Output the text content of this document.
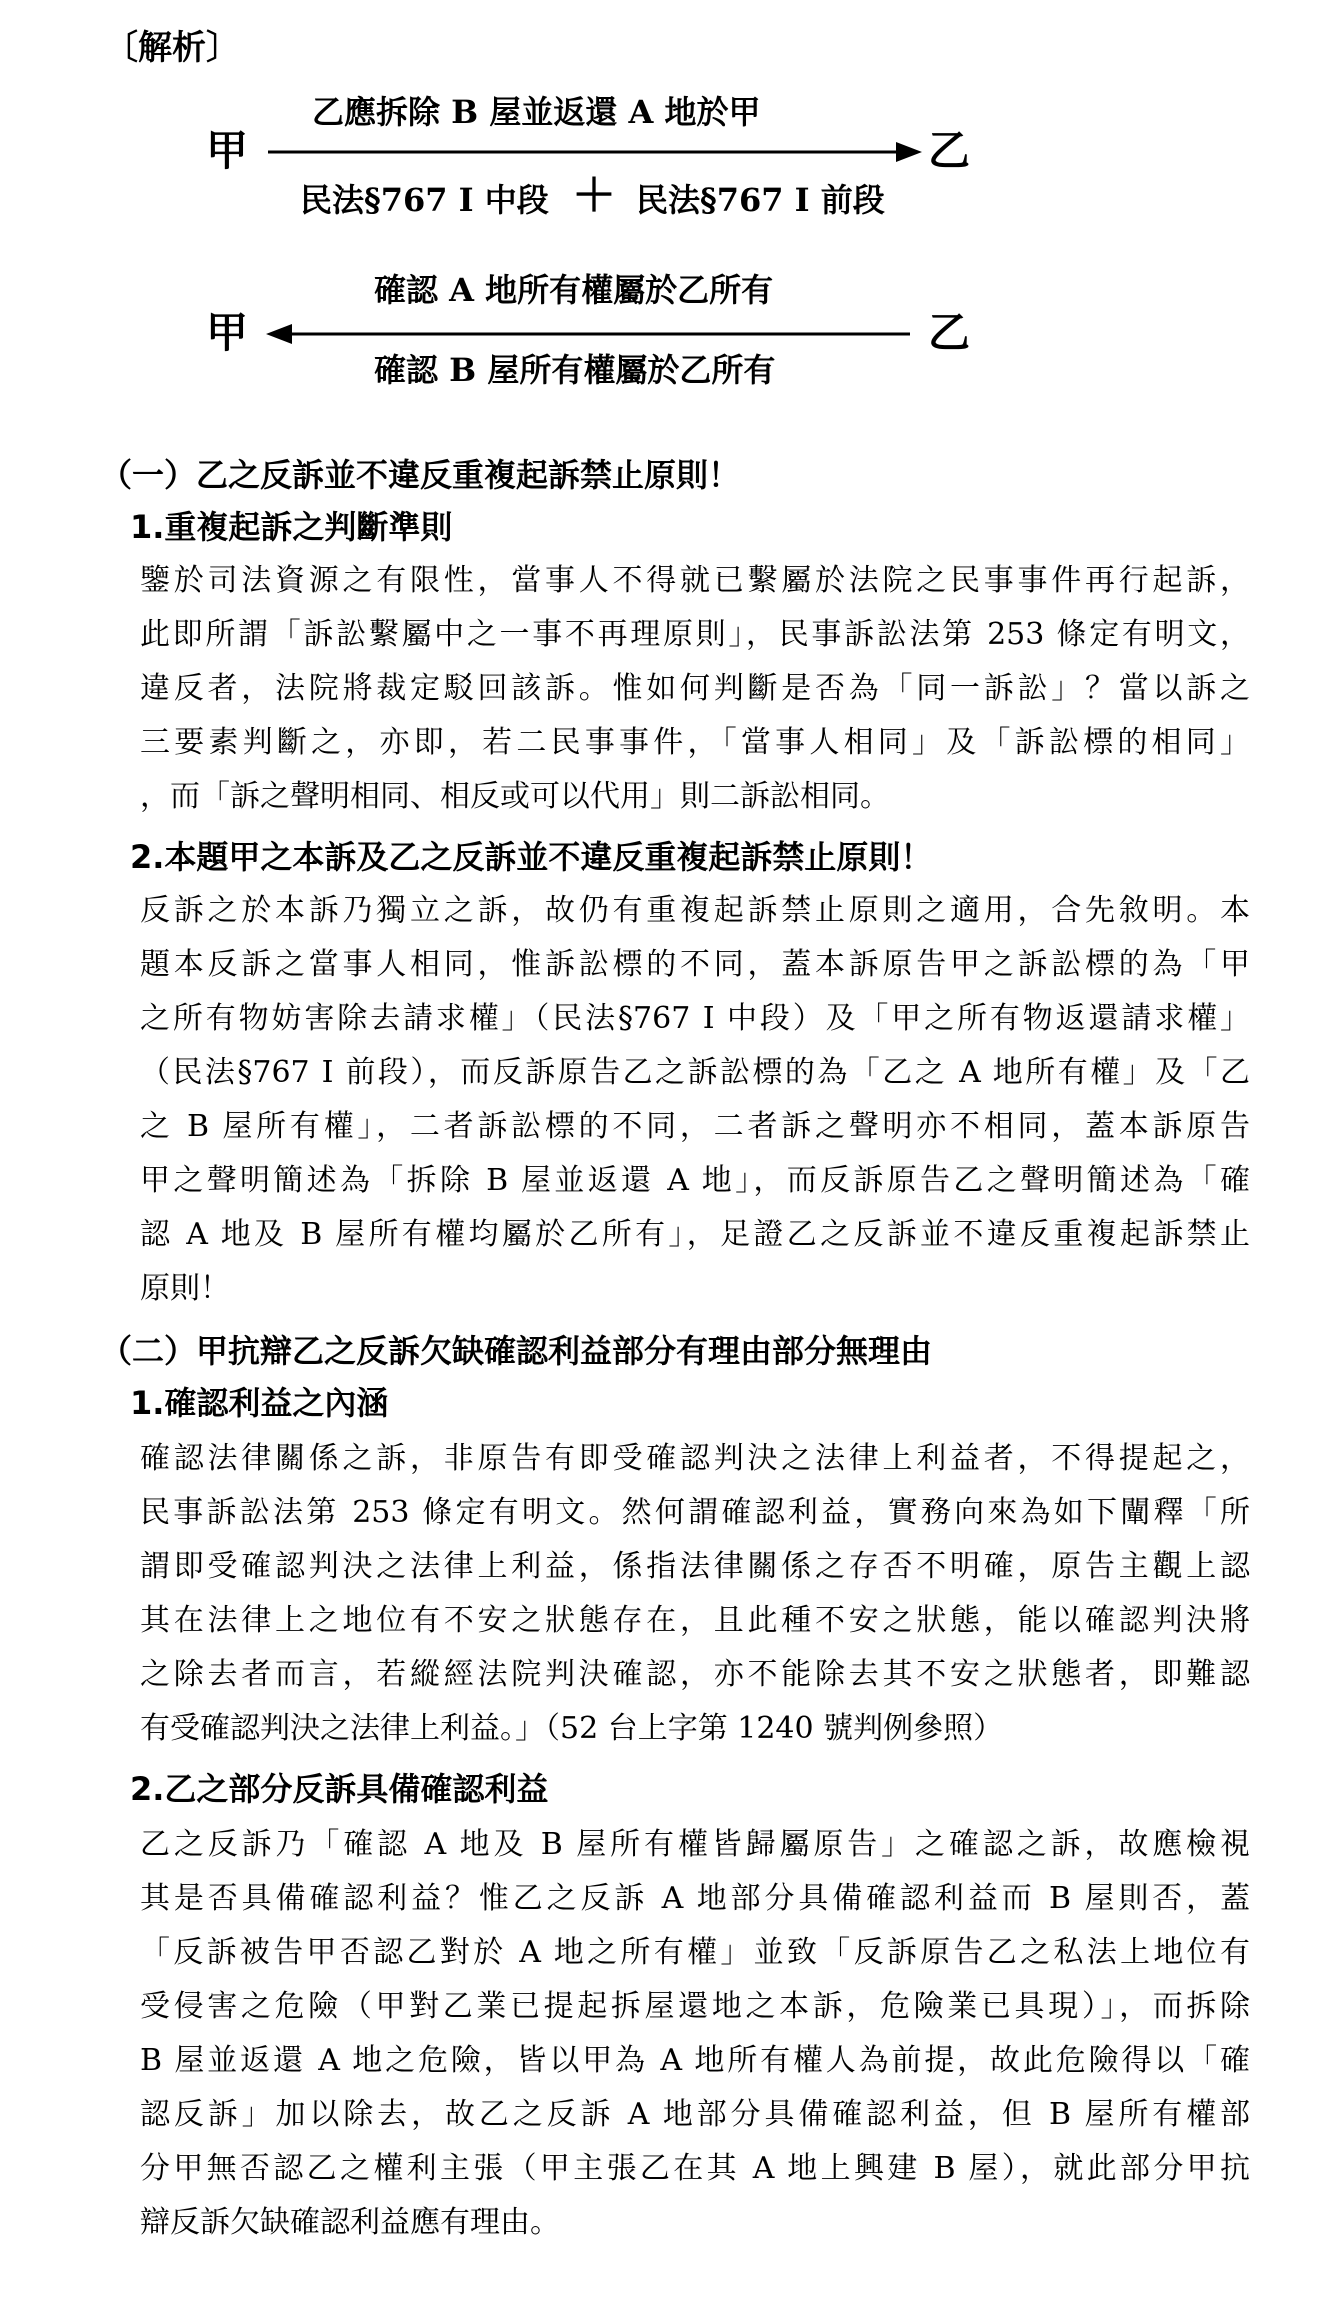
〔解析〕
甲	乙
乙應拆除 B 屋並返還 A 地於甲
民法§767 I 中段 ＋ 民法§767 I 前段
甲	乙
確認 A 地所有權屬於乙所有
確認 B 屋所有權屬於乙所有
（一）乙之反訴並不違反重複起訴禁止原則！
1.重複起訴之判斷準則
鑒於司法資源之有限性，當事人不得就已繫屬於法院之民事事件再行起訴，
此即所謂「訴訟繫屬中之一事不再理原則」，民事訴訟法第 253 條定有明文，
違反者，法院將裁定駁回該訴。惟如何判斷是否為「同一訴訟」？當以訴之
三要素判斷之，亦即，若二民事事件，「當事人相同」及「訴訟標的相同」
，而「訴之聲明相同、相反或可以代用」則二訴訟相同。
2.本題甲之本訴及乙之反訴並不違反重複起訴禁止原則！
反訴之於本訴乃獨立之訴，故仍有重複起訴禁止原則之適用，合先敘明。本
題本反訴之當事人相同，惟訴訟標的不同，蓋本訴原告甲之訴訟標的為「甲
之所有物妨害除去請求權」（民法§767 I 中段）及「甲之所有物返還請求權」
（民法§767 I 前段），而反訴原告乙之訴訟標的為「乙之 A 地所有權」及「乙
之 B 屋所有權」，二者訴訟標的不同，二者訴之聲明亦不相同，蓋本訴原告
甲之聲明簡述為「拆除 B 屋並返還 A 地」，而反訴原告乙之聲明簡述為「確
認 A 地及 B 屋所有權均屬於乙所有」，足證乙之反訴並不違反重複起訴禁止
原則！
（二）甲抗辯乙之反訴欠缺確認利益部分有理由部分無理由
1.確認利益之內涵
確認法律關係之訴，非原告有即受確認判決之法律上利益者，不得提起之，
民事訴訟法第 253 條定有明文。然何謂確認利益，實務向來為如下闡釋「所
謂即受確認判決之法律上利益，係指法律關係之存否不明確，原告主觀上認
其在法律上之地位有不安之狀態存在，且此種不安之狀態，能以確認判決將
之除去者而言，若縱經法院判決確認，亦不能除去其不安之狀態者，即難認
有受確認判決之法律上利益。」（52 台上字第 1240 號判例參照）
2.乙之部分反訴具備確認利益
乙之反訴乃「確認 A 地及 B 屋所有權皆歸屬原告」之確認之訴，故應檢視
其是否具備確認利益？惟乙之反訴 A 地部分具備確認利益而 B 屋則否，蓋
「反訴被告甲否認乙對於 A 地之所有權」並致「反訴原告乙之私法上地位有
受侵害之危險（甲對乙業已提起拆屋還地之本訴，危險業已具現）」，而拆除
B 屋並返還 A 地之危險，皆以甲為 A 地所有權人為前提，故此危險得以「確
認反訴」加以除去，故乙之反訴 A 地部分具備確認利益，但 B 屋所有權部
分甲無否認乙之權利主張（甲主張乙在其 A 地上興建 B 屋），就此部分甲抗
辯反訴欠缺確認利益應有理由。
